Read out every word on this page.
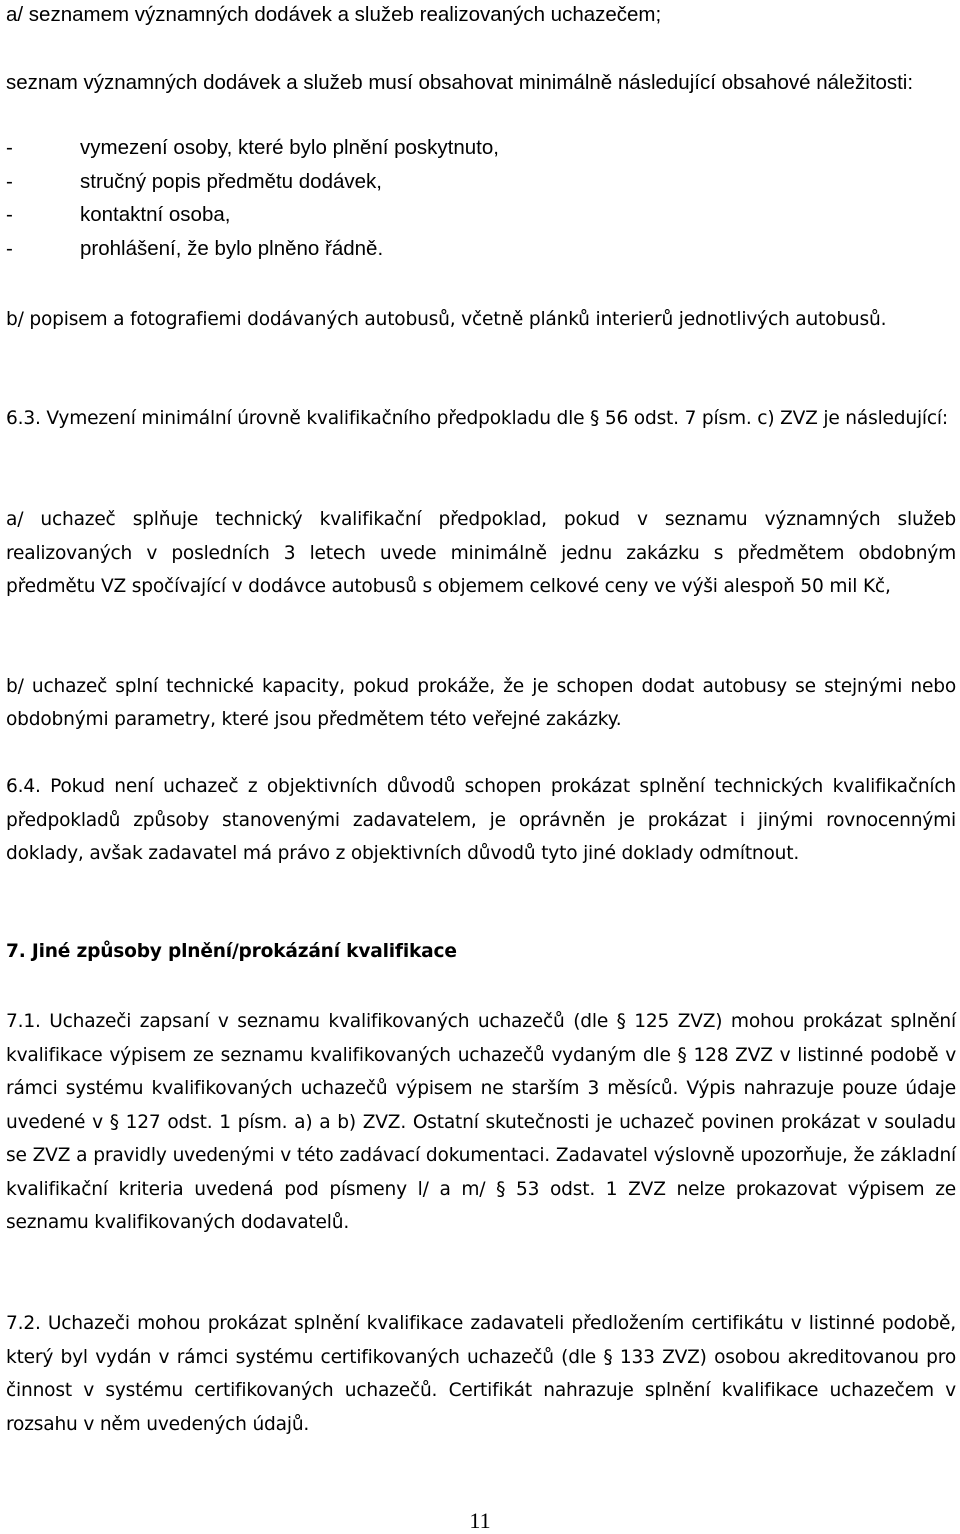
a/ seznamem významných dodávek a služeb realizovaných uchazečem;

seznam významných dodávek a služeb musí obsahovat minimálně následující obsahové náležitosti:

-	vymezení osoby, které bylo plnění poskytnuto,
-	stručný popis předmětu dodávek,
-	kontaktní osoba,
-	prohlášení, že bylo plněno řádně.

b/ popisem a fotografiemi dodávaných autobusů, včetně plánků interierů jednotlivých autobusů.

6.3. Vymezení minimální úrovně kvalifikačního předpokladu dle § 56 odst. 7 písm. c) ZVZ je následující:

a/ uchazeč splňuje technický kvalifikační předpoklad, pokud v seznamu významných služeb realizovaných v posledních 3 letech uvede minimálně jednu zakázku s předmětem obdobným předmětu VZ spočívající v dodávce autobusů s objemem celkové ceny ve výši alespoň 50 mil Kč,

b/ uchazeč splní technické kapacity, pokud prokáže, že je schopen dodat autobusy se stejnými nebo obdobnými parametry, které jsou předmětem této veřejné zakázky.

6.4. Pokud není uchazeč z objektivních důvodů schopen prokázat splnění technických kvalifikačních předpokladů způsoby stanovenými zadavatelem, je oprávněn je prokázat i jinými rovnocennými doklady, avšak zadavatel má právo z objektivních důvodů tyto jiné doklady odmítnout.

7. Jiné způsoby plnění/prokázání kvalifikace

7.1. Uchazeči zapsaní v seznamu kvalifikovaných uchazečů (dle § 125 ZVZ) mohou prokázat splnění kvalifikace výpisem ze seznamu kvalifikovaných uchazečů vydaným dle § 128 ZVZ v listinné podobě v rámci systému kvalifikovaných uchazečů výpisem ne starším 3 měsíců. Výpis nahrazuje pouze údaje uvedené v § 127 odst. 1 písm. a) a b) ZVZ. Ostatní skutečnosti je uchazeč povinen prokázat v souladu se ZVZ a pravidly uvedenými v této zadávací dokumentaci. Zadavatel výslovně upozorňuje, že základní kvalifikační kriteria uvedená pod písmeny l/ a m/ § 53 odst. 1 ZVZ nelze prokazovat výpisem ze seznamu kvalifikovaných dodavatelů.

7.2. Uchazeči mohou prokázat splnění kvalifikace zadavateli předložením certifikátu v listinné podobě, který byl vydán v rámci systému certifikovaných uchazečů (dle § 133 ZVZ) osobou akreditovanou pro činnost v systému certifikovaných uchazečů. Certifikát nahrazuje splnění kvalifikace uchazečem v rozsahu v něm uvedených údajů.

11
